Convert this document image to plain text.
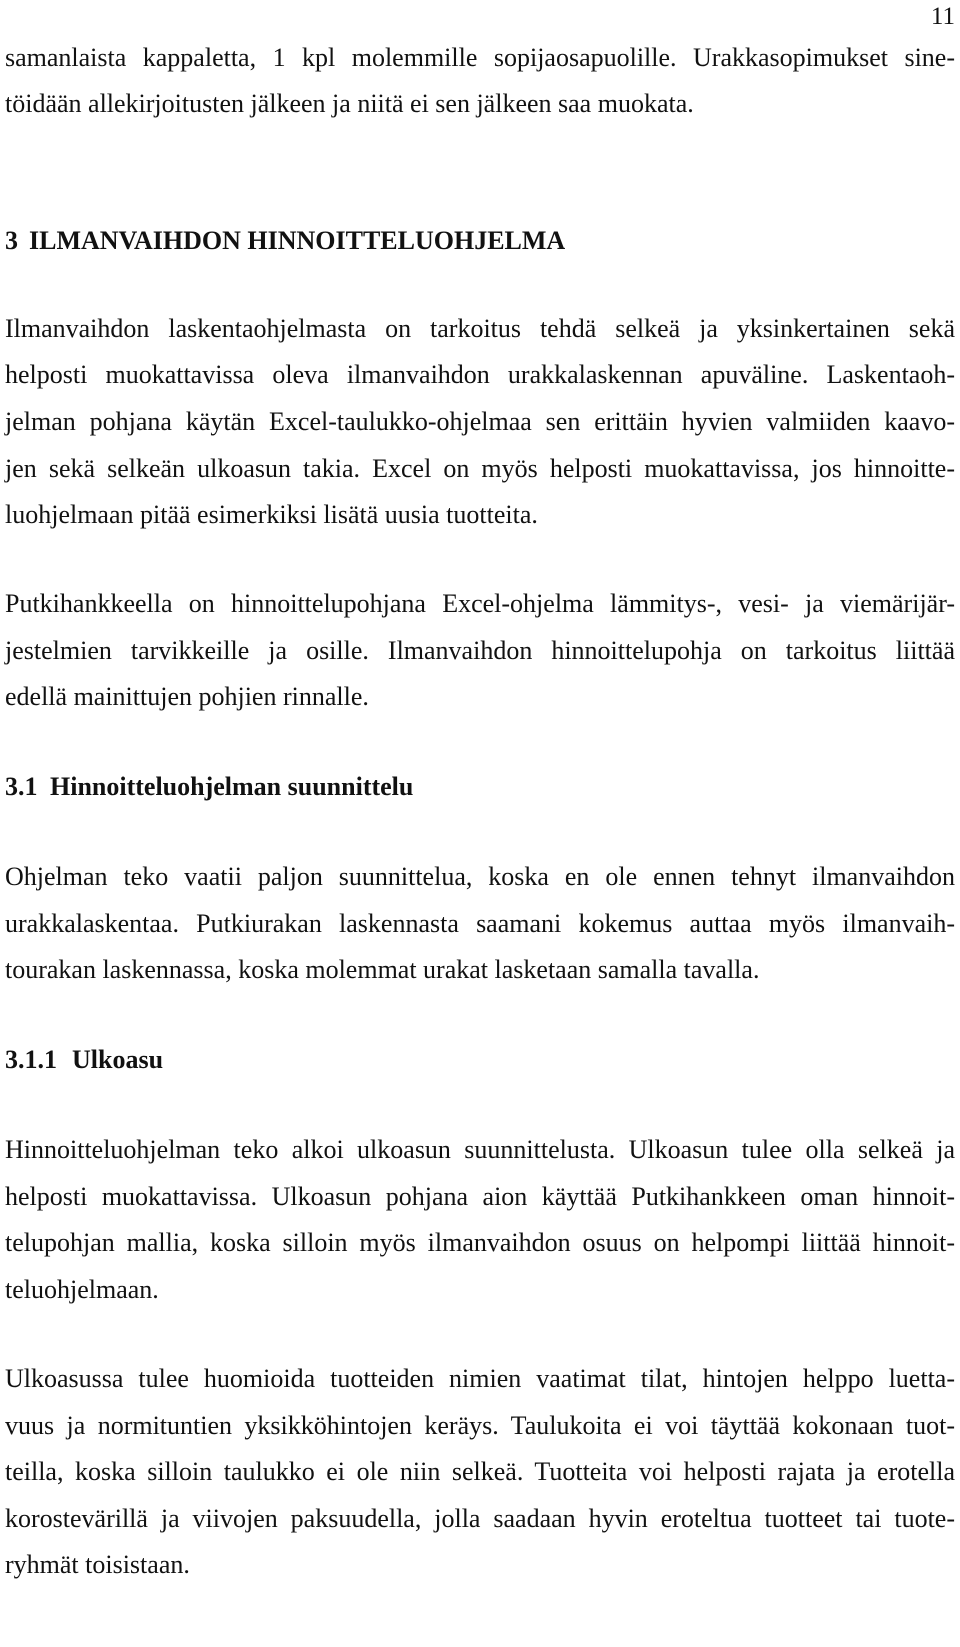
11
samanlaista kappaletta, 1 kpl molemmille sopijaosapuolille. Urakkasopimukset sine-
töidään allekirjoitusten jälkeen ja niitä ei sen jälkeen saa muokata.
3 ILMANVAIHDON HINNOITTELUOHJELMA
Ilmanvaihdon laskentaohjelmasta on tarkoitus tehdä selkeä ja yksinkertainen sekä
helposti muokattavissa oleva ilmanvaihdon urakkalaskennan apuväline. Laskentaoh-
jelman pohjana käytän Excel-taulukko-ohjelmaa sen erittäin hyvien valmiiden kaavo-
jen sekä selkeän ulkoasun takia. Excel on myös helposti muokattavissa, jos hinnoitte-
luohjelmaan pitää esimerkiksi lisätä uusia tuotteita.
Putkihankkeella on hinnoittelupohjana Excel-ohjelma lämmitys-, vesi- ja viemärijär-
jestelmien tarvikkeille ja osille. Ilmanvaihdon hinnoittelupohja on tarkoitus liittää
edellä mainittujen pohjien rinnalle.
3.1 Hinnoitteluohjelman suunnittelu
Ohjelman teko vaatii paljon suunnittelua, koska en ole ennen tehnyt ilmanvaihdon
urakkalaskentaa. Putkiurakan laskennasta saamani kokemus auttaa myös ilmanvaih-
tourakan laskennassa, koska molemmat urakat lasketaan samalla tavalla.
3.1.1 Ulkoasu
Hinnoitteluohjelman teko alkoi ulkoasun suunnittelusta. Ulkoasun tulee olla selkeä ja
helposti muokattavissa. Ulkoasun pohjana aion käyttää Putkihankkeen oman hinnoit-
telupohjan mallia, koska silloin myös ilmanvaihdon osuus on helpompi liittää hinnoit-
teluohjelmaan.
Ulkoasussa tulee huomioida tuotteiden nimien vaatimat tilat, hintojen helppo luetta-
vuus ja normituntien yksikköhintojen keräys. Taulukoita ei voi täyttää kokonaan tuot-
teilla, koska silloin taulukko ei ole niin selkeä. Tuotteita voi helposti rajata ja erotella
korostevärillä ja viivojen paksuudella, jolla saadaan hyvin eroteltua tuotteet tai tuote-
ryhmät toisistaan.
